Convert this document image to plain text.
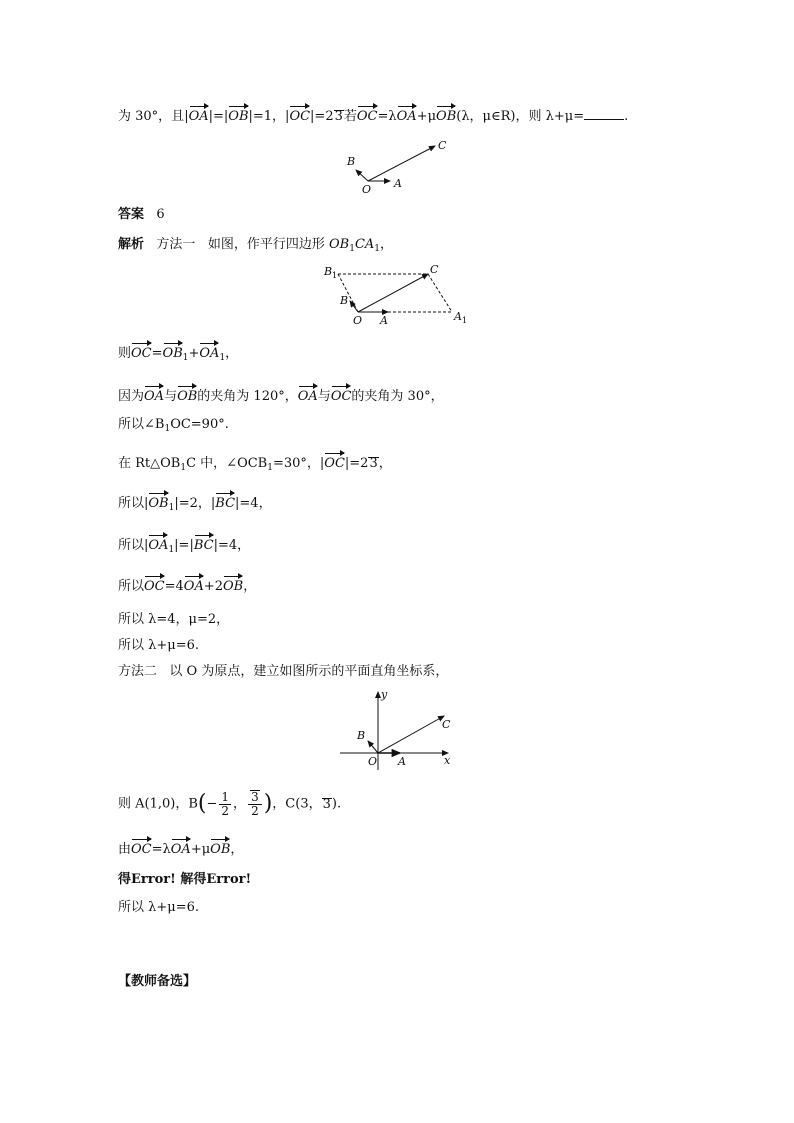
为 30°，且|OA|=|OB|=1，|OC|=23若OC=λOA+μOB(λ，μ∈R)，则 λ+μ=	.
O A
B
C
答案 6
解析 方法一 如图，作平行四边形 $OB_1CA_1$，
O A
B
C
B 1
A 1
则$OC=OB_1+OA_1$，
因为OA与OB的夹角为 120°，OA与OC的夹角为 30°，
所以$\angle B_1OC=90^\circ$.
在 $Rt\triangle OB_1C$ 中，$\angle OCB_1=30^\circ$，|OC|=23，
所以$|OB_1|=2$，|BC|=4，
所以$|OA_1|=|BC|=4$，
所以OC=4OA+2OB，
所以 λ=4，μ=2，
所以 λ+μ=6.
方法二 以 O 为原点，建立如图所示的平面直角坐标系，
O A
B
C
x
y
则 A(1,0)，$B(- \frac{1}{2}$ ， $\frac{3}{2}$ )，C(3，3).
由OC=λOA+μOB，
得Error! 解得Error!
所以 λ+μ=6.
【教师备选】
